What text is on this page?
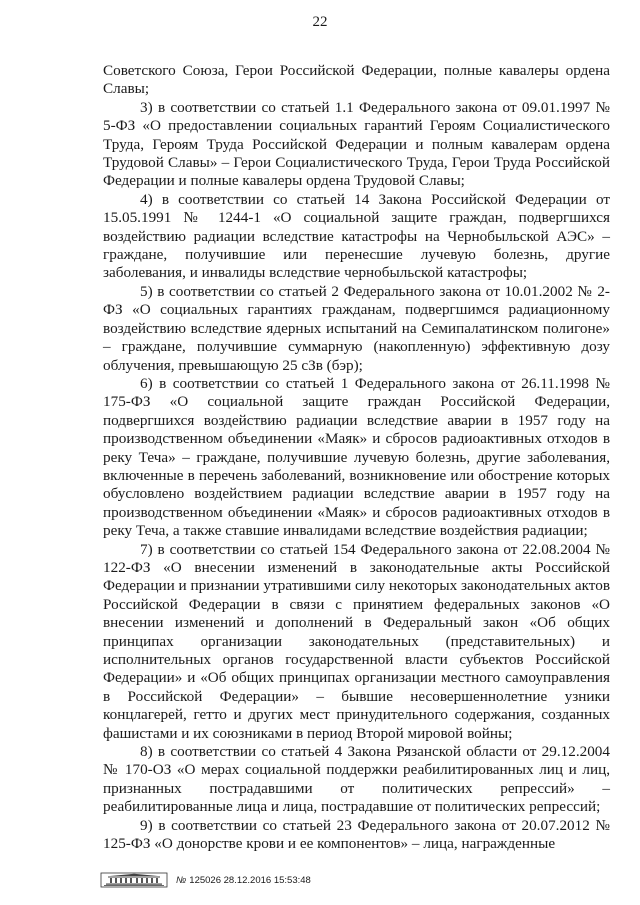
22

Советского Союза, Герои Российской Федерации, полные кавалеры ордена Славы;

3) в соответствии со статьей 1.1 Федерального закона от 09.01.1997 № 5-ФЗ «О предоставлении социальных гарантий Героям Социалистического Труда, Героям Труда Российской Федерации и полным кавалерам ордена Трудовой Славы» – Герои Социалистического Труда, Герои Труда Российской Федерации и полные кавалеры ордена Трудовой Славы;

4) в соответствии со статьей 14 Закона Российской Федерации от 15.05.1991 № 1244-1 «О социальной защите граждан, подвергшихся воздействию радиации вследствие катастрофы на Чернобыльской АЭС» – граждане, получившие или перенесшие лучевую болезнь, другие заболевания, и инвалиды вследствие чернобыльской катастрофы;

5) в соответствии со статьей 2 Федерального закона от 10.01.2002 № 2-ФЗ «О социальных гарантиях гражданам, подвергшимся радиационному воздействию вследствие ядерных испытаний на Семипалатинском полигоне» – граждане, получившие суммарную (накопленную) эффективную дозу облучения, превышающую 25 сЗв (бэр);

6) в соответствии со статьей 1 Федерального закона от 26.11.1998 № 175-ФЗ «О социальной защите граждан Российской Федерации, подвергшихся воздействию радиации вследствие аварии в 1957 году на производственном объединении «Маяк» и сбросов радиоактивных отходов в реку Теча» – граждане, получившие лучевую болезнь, другие заболевания, включенные в перечень заболеваний, возникновение или обострение которых обусловлено воздействием радиации вследствие аварии в 1957 году на производственном объединении «Маяк» и сбросов радиоактивных отходов в реку Теча, а также ставшие инвалидами вследствие воздействия радиации;

7) в соответствии со статьей 154 Федерального закона от 22.08.2004 № 122-ФЗ «О внесении изменений в законодательные акты Российской Федерации и признании утратившими силу некоторых законодательных актов Российской Федерации в связи с принятием федеральных законов «О внесении изменений и дополнений в Федеральный закон «Об общих принципах организации законодательных (представительных) и исполнительных органов государственной власти субъектов Российской Федерации» и «Об общих принципах организации местного самоуправления в Российской Федерации» – бывшие несовершеннолетние узники концлагерей, гетто и других мест принудительного содержания, созданных фашистами и их союзниками в период Второй мировой войны;

8) в соответствии со статьей 4 Закона Рязанской области от 29.12.2004 № 170-ОЗ «О мерах социальной поддержки реабилитированных лиц и лиц, признанных пострадавшими от политических репрессий» – реабилитированные лица и лица, пострадавшие от политических репрессий;

9) в соответствии со статьей 23 Федерального закона от 20.07.2012 № 125-ФЗ «О донорстве крови и ее компонентов» – лица, награжденные

№ 125026 28.12.2016 15:53:48
